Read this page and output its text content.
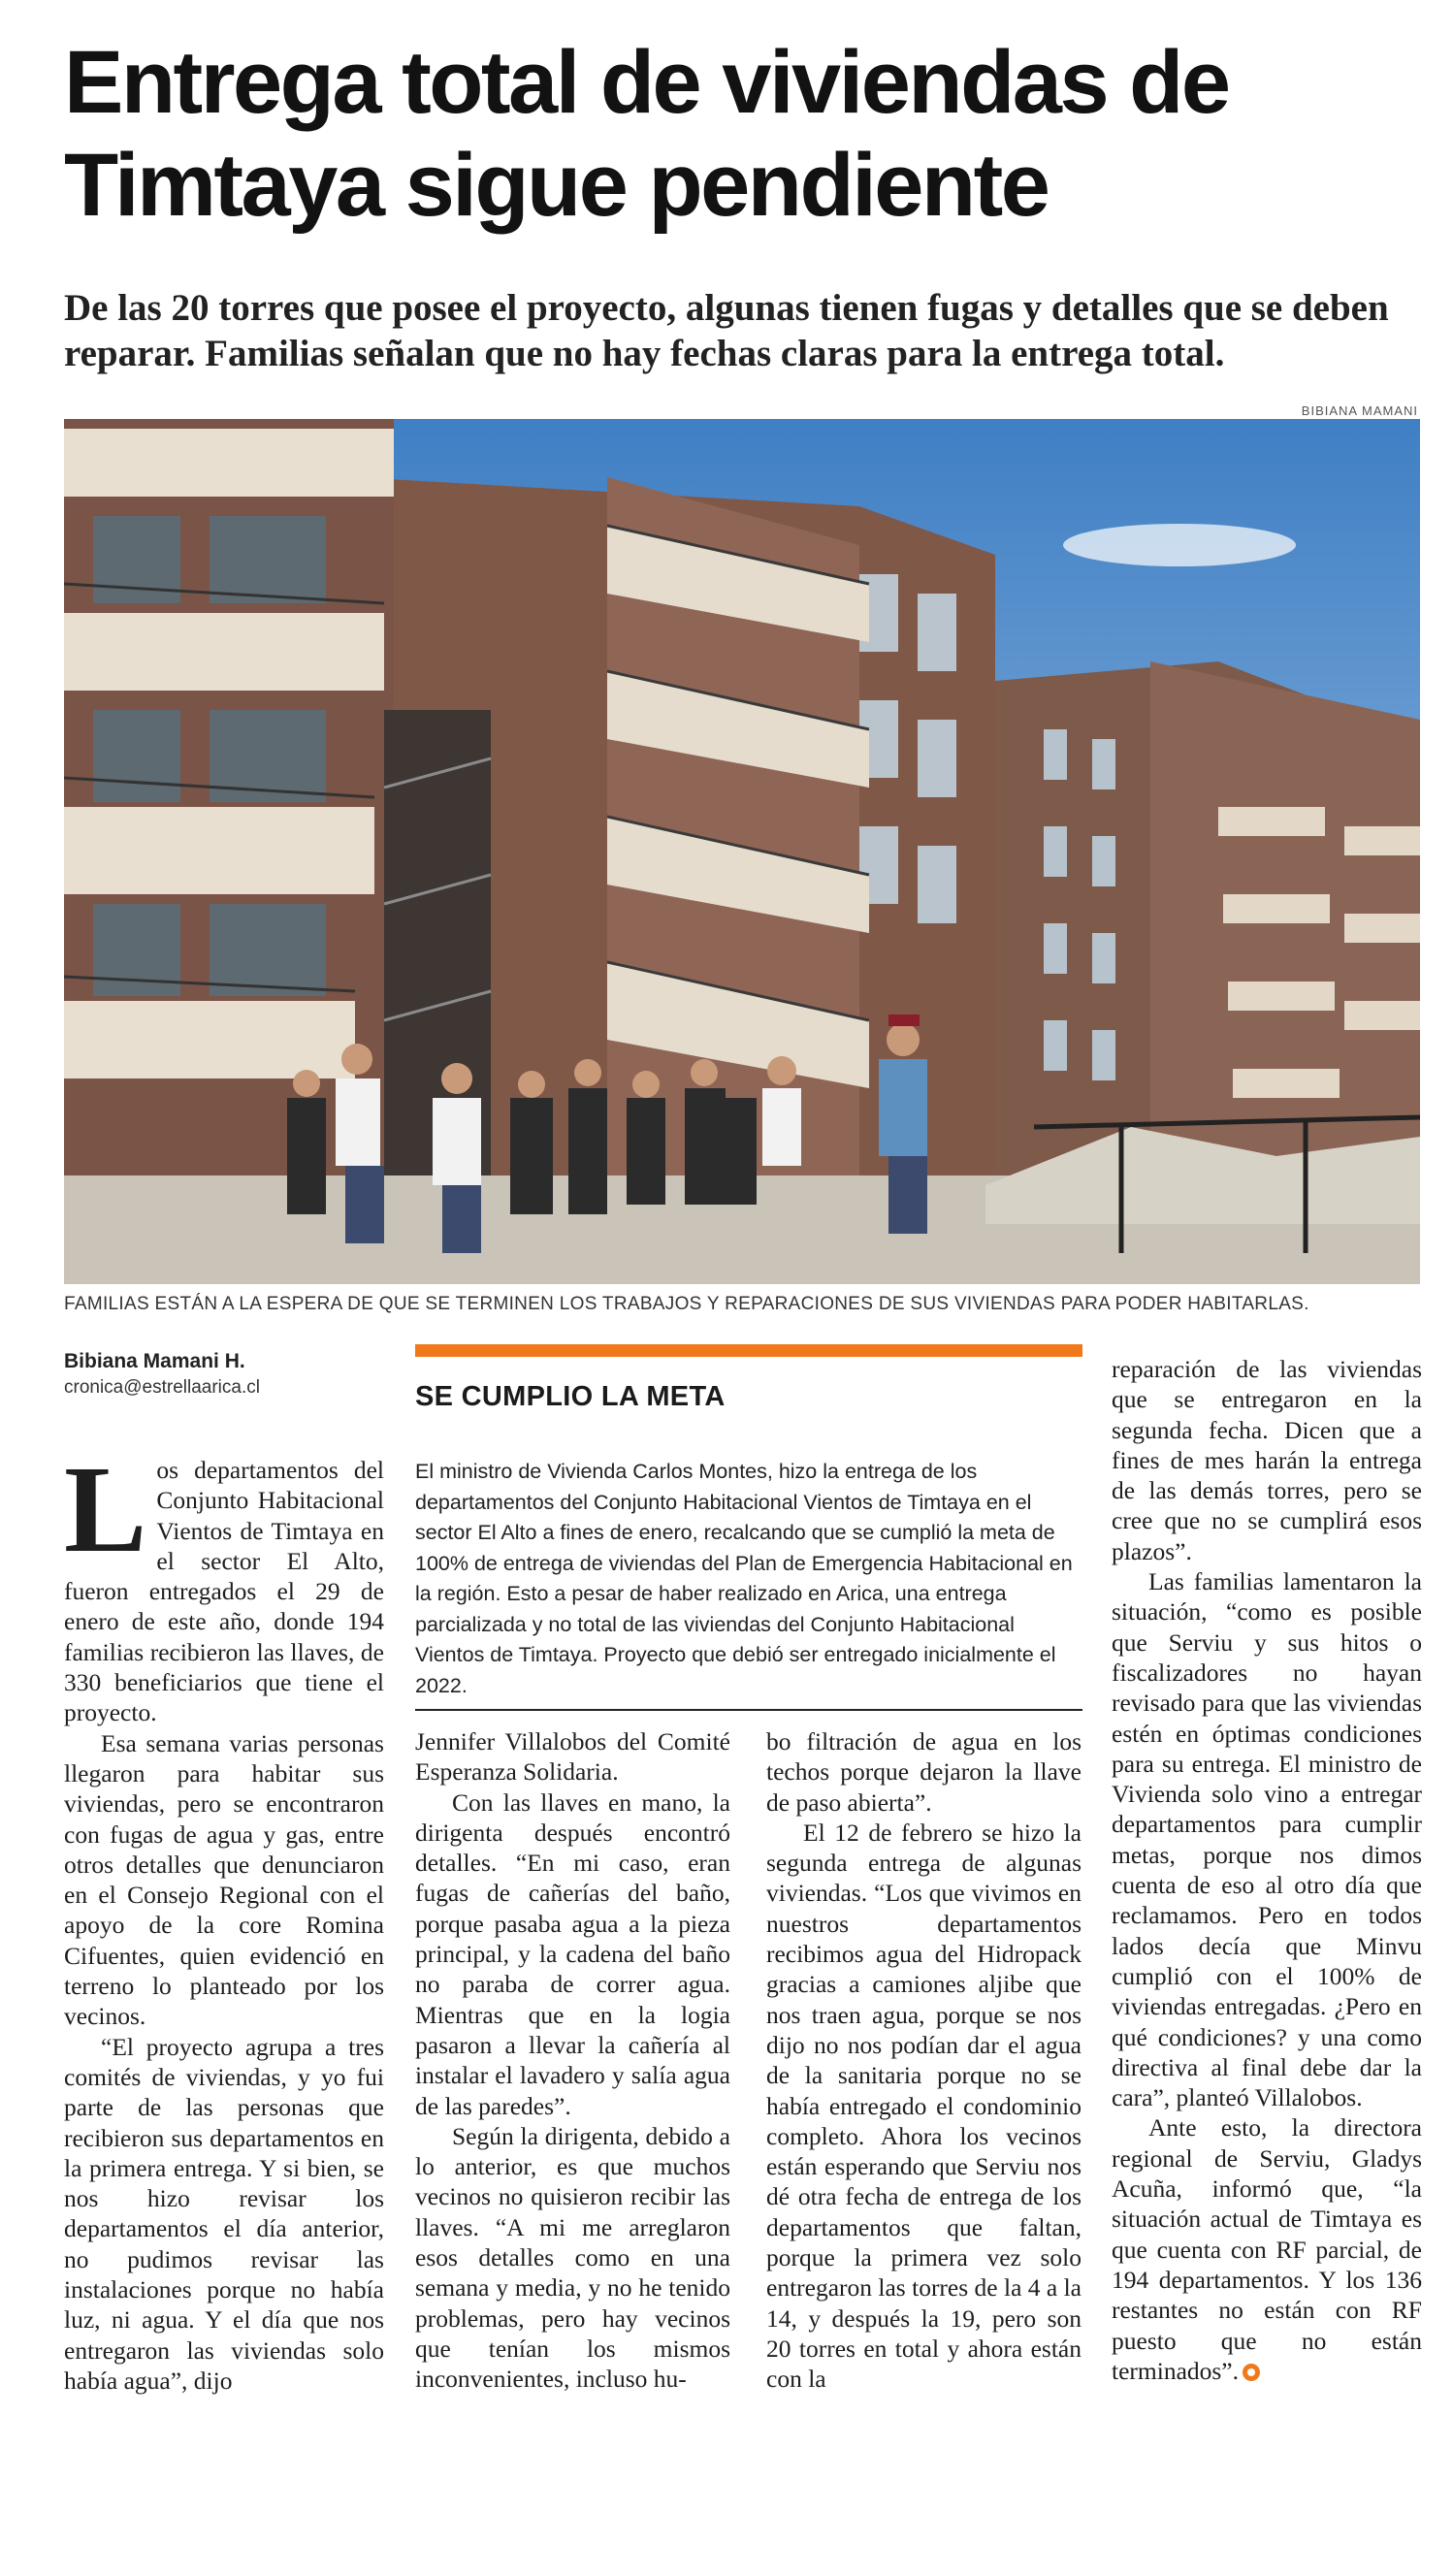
Entrega total de viviendas de Timtaya sigue pendiente

De las 20 torres que posee el proyecto, algunas tienen fugas y detalles que se deben reparar. Familias señalan que no hay fechas claras para la entrega total.

BIBIANA MAMANI
FAMILIAS ESTÁN A LA ESPERA DE QUE SE TERMINEN LOS TRABAJOS Y REPARACIONES DE SUS VIVIENDAS PARA PODER HABITARLAS.
Bibiana Mamani H.
cronica@estrellaarica.cl

Los departamentos del Conjunto Habitacional Vientos de Timtaya en el sector El Alto, fueron entregados el 29 de enero de este año, donde 194 familias recibieron las llaves, de 330 beneficiarios que tiene el proyecto.

Esa semana varias personas llegaron para habitar sus viviendas, pero se encontraron con fugas de agua y gas, entre otros detalles que denunciaron en el Consejo Regional con el apoyo de la core Romina Cifuentes, quien evidenció en terreno lo planteado por los vecinos.

“El proyecto agrupa a tres comités de viviendas, y yo fui parte de las personas que recibieron sus departamentos en la primera entrega. Y si bien, se nos hizo revisar los departamentos el día anterior, no pudimos revisar las instalaciones porque no había luz, ni agua. Y el día que nos entregaron las viviendas solo había agua”, dijo

SE CUMPLIO LA META

El ministro de Vivienda Carlos Montes, hizo la entrega de los departamentos del Conjunto Habitacional Vientos de Timtaya en el sector El Alto a fines de enero, recalcando que se cumplió la meta de 100% de entrega de viviendas del Plan de Emergencia Habitacional en la región. Esto a pesar de haber realizado en Arica, una entrega parcializada y no total de las viviendas del Conjunto Habitacional Vientos de Timtaya. Proyecto que debió ser entregado inicialmente el 2022.

Jennifer Villalobos del Comité Esperanza Solidaria.

Con las llaves en mano, la dirigenta después encontró detalles. “En mi caso, eran fugas de cañerías del baño, porque pasaba agua a la pieza principal, y la cadena del baño no paraba de correr agua. Mientras que en la logia pasaron a llevar la cañería al instalar el lavadero y salía agua de las paredes”.

Según la dirigenta, debido a lo anterior, es que muchos vecinos no quisieron recibir las llaves. “A mi me arreglaron esos detalles como en una semana y media, y no he tenido problemas, pero hay vecinos que tenían los mismos inconvenientes, incluso hu-

bo filtración de agua en los techos porque dejaron la llave de paso abierta”.

El 12 de febrero se hizo la segunda entrega de algunas viviendas. “Los que vivimos en nuestros departamentos recibimos agua del Hidropack gracias a camiones aljibe que nos traen agua, porque se nos dijo no nos podían dar el agua de la sanitaria porque no se había entregado el condominio completo. Ahora los vecinos están esperando que Serviu nos dé otra fecha de entrega de los departamentos que faltan, porque la primera vez solo entregaron las torres de la 4 a la 14, y después la 19, pero son 20 torres en total y ahora están con la

reparación de las viviendas que se entregaron en la segunda fecha. Dicen que a fines de mes harán la entrega de las demás torres, pero se cree que no se cumplirá esos plazos”.

Las familias lamentaron la situación, “como es posible que Serviu y sus hitos o fiscalizadores no hayan revisado para que las viviendas estén en óptimas condiciones para su entrega. El ministro de Vivienda solo vino a entregar departamentos para cumplir metas, porque nos dimos cuenta de eso al otro día que reclamamos. Pero en todos lados decía que Minvu cumplió con el 100% de viviendas entregadas. ¿Pero en qué condiciones? y una como directiva al final debe dar la cara”, planteó Villalobos.

Ante esto, la directora regional de Serviu, Gladys Acuña, informó que, “la situación actual de Timtaya es que cuenta con RF parcial, de 194 departamentos. Y los 136 restantes no están con RF puesto que no están terminados”.
